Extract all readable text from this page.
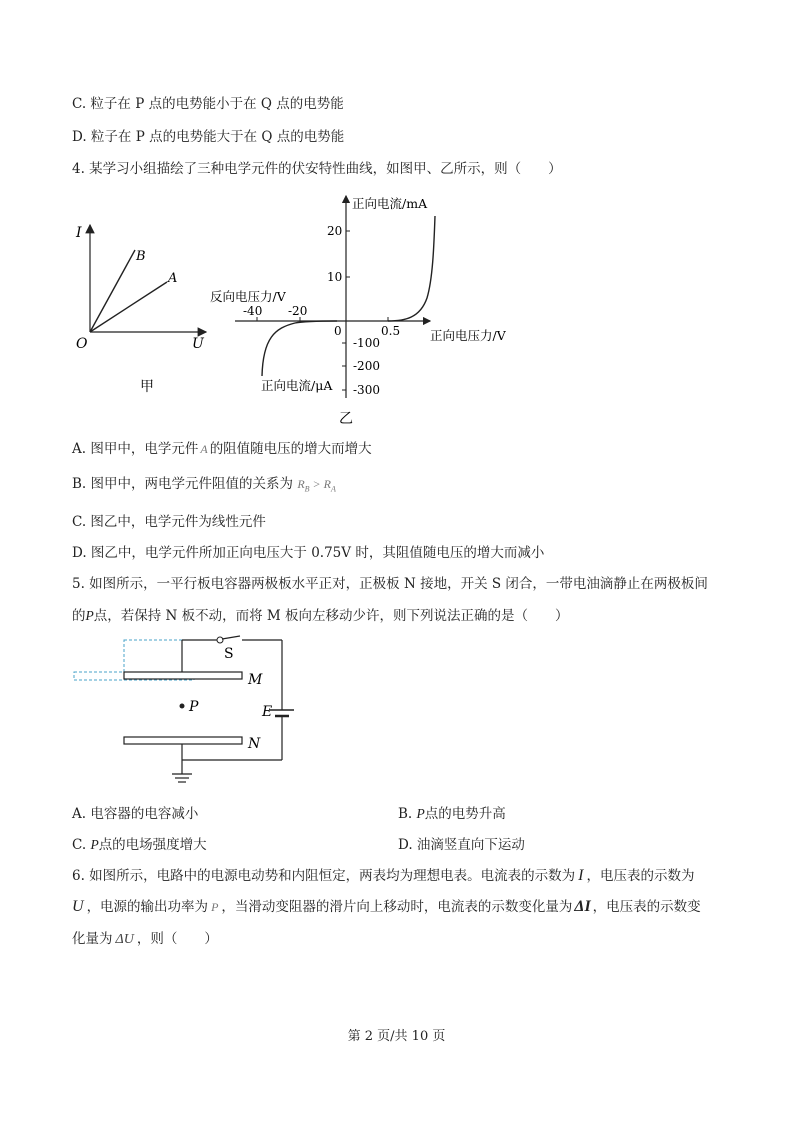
C. 粒子在 P 点的电势能小于在 Q 点的电势能
D. 粒子在 P 点的电势能大于在 Q 点的电势能
4. 某学习小组描绘了三种电学元件的伏安特性曲线，如图甲、乙所示，则（　　）
I
U
O
B
A
甲
正向电流/mA
正向电压力/V
反向电压力/V
正向电流/μA
20
10
0	0.5
-40 -20
-100
-200
-300
乙
A. 图甲中，电学元件 A 的阻值随电压的增大而增大
B. 图甲中，两电学元件阻值的关系为 $R_B > R_A$
C. 图乙中，电学元件为线性元件
D. 图乙中，电学元件所加正向电压大于 0.75V 时，其阻值随电压的增大而减小
5. 如图所示，一平行板电容器两极板水平正对，正极板 N 接地，开关 S 闭合，一带电油滴静止在两极板间
的P点，若保持 N 板不动，而将 M 板向左移动少许，则下列说法正确的是（　　）
S
M
N
E
P
A. 电容器的电容减小	B. P点的电势升高
C. P点的电场强度增大	D. 油滴竖直向下运动
6. 如图所示，电路中的电源电动势和内阻恒定，两表均为理想电表。电流表的示数为 I ，电压表的示数为
U ，电源的输出功率为 P ，当滑动变阻器的滑片向上移动时，电流表的示数变化量为 ΔI ，电压表的示数变
化量为 ΔU ，则（　　）
第 2 页/共 10 页
